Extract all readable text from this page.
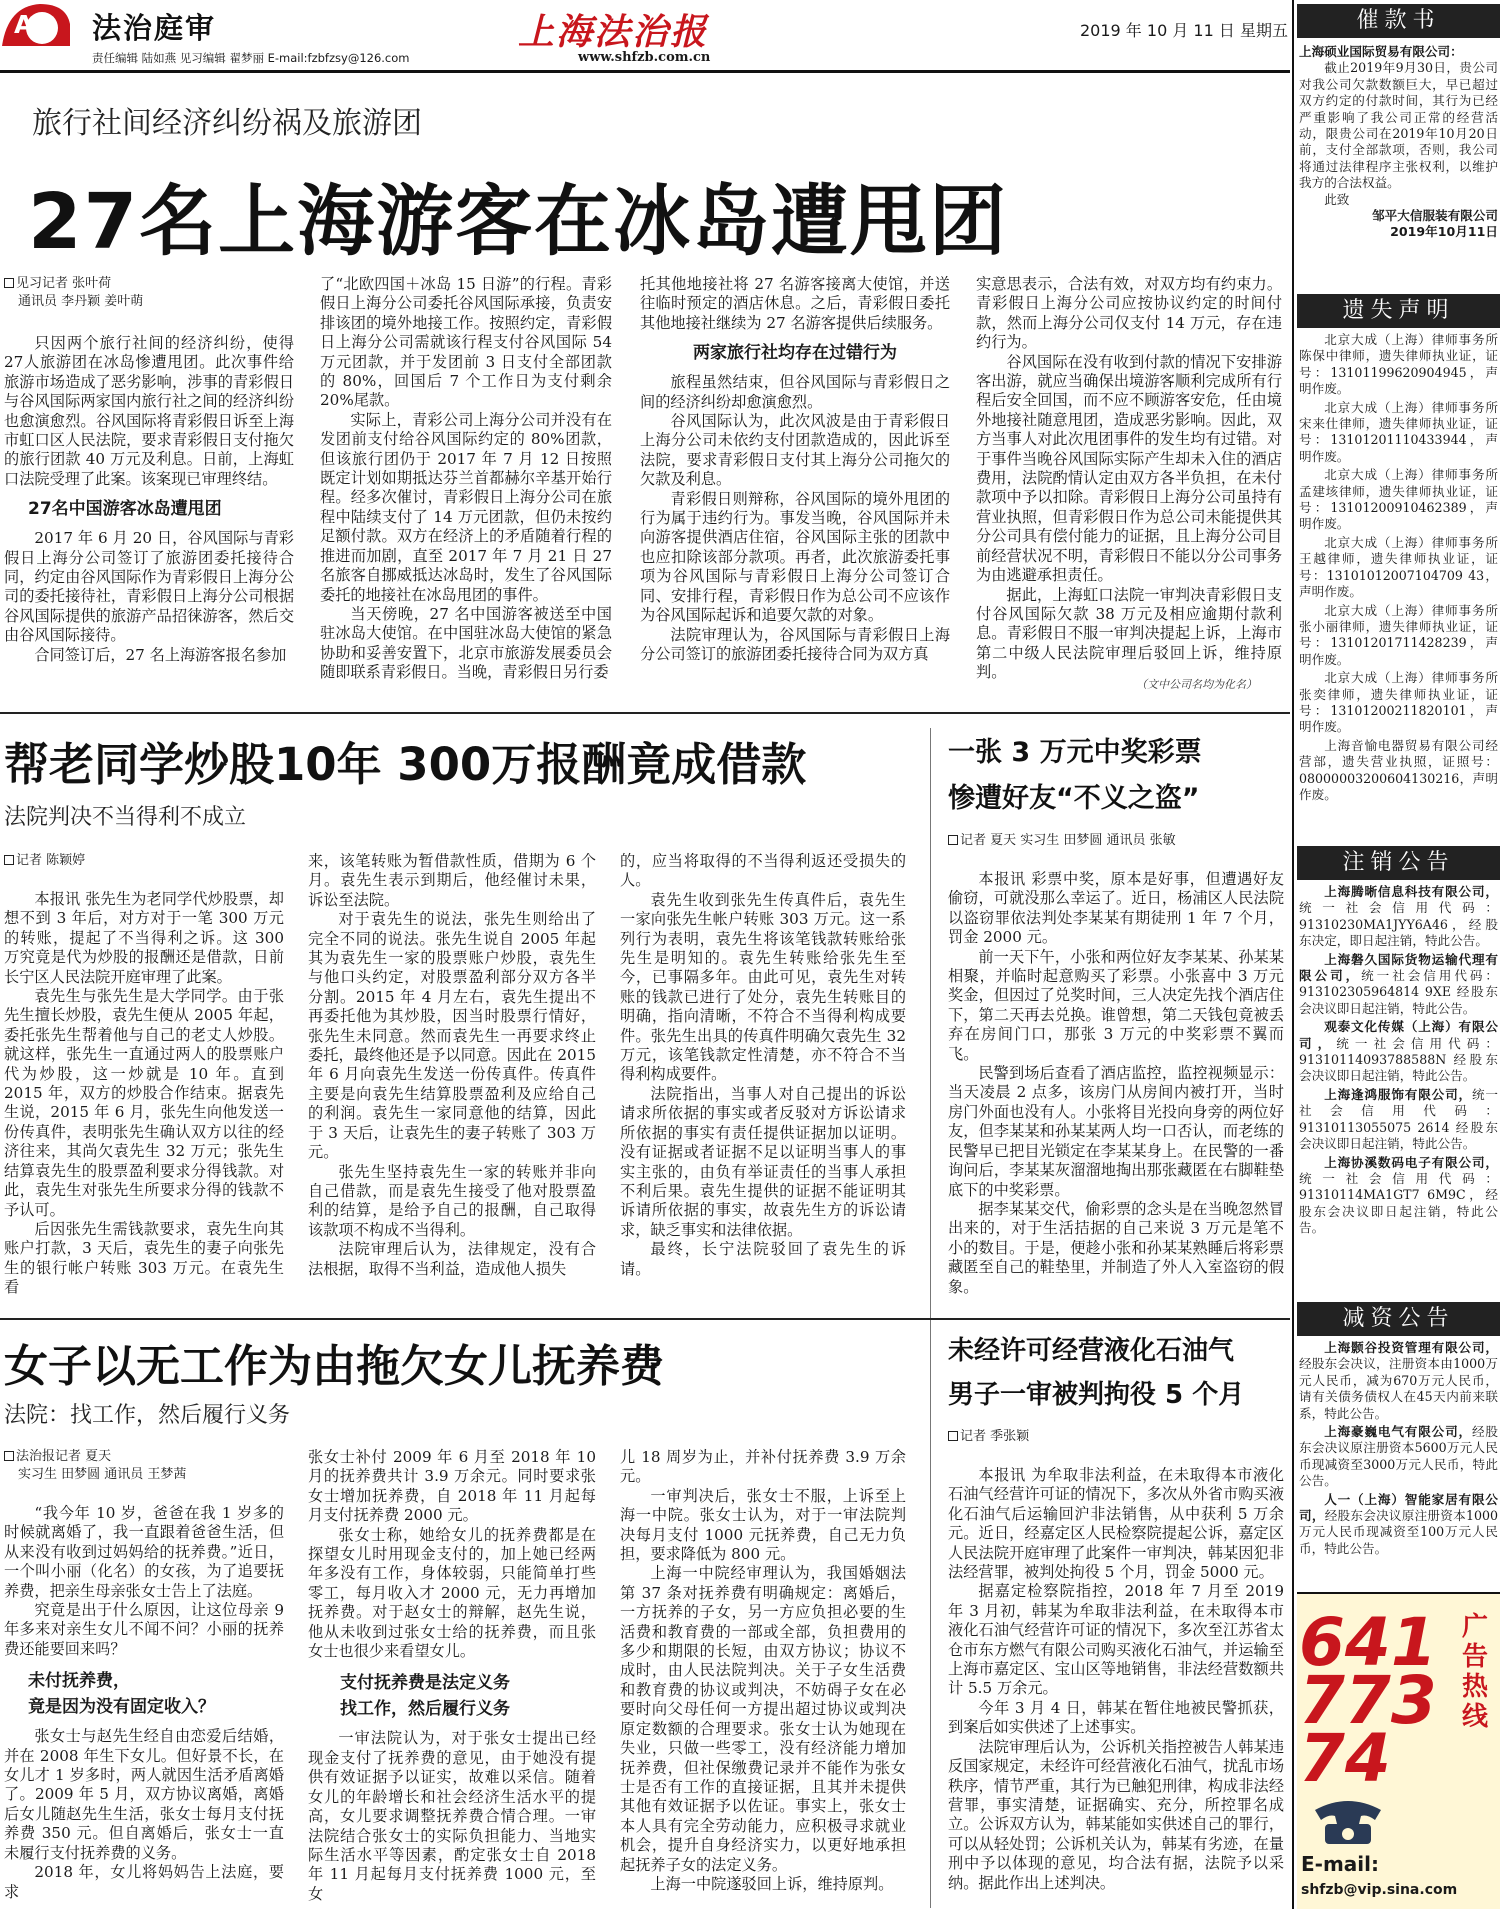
A8 法治庭审
责任编辑 陆如燕 见习编辑 翟梦丽 E-mail:fzbfzsy@126.com
上海法治报
www.shfzb.com.cn
2019 年 10 月 11 日 星期五
旅行社间经济纠纷祸及旅游团
27名上海游客在冰岛遭甩团
见习记者 张叶荷
通讯员 李丹颖 姜叶萌

只因两个旅行社间的经济纠纷，使得27人旅游团在冰岛惨遭甩团。此次事件给旅游市场造成了恶劣影响，涉事的青彩假日与谷风国际两家国内旅行社之间的经济纠纷也愈演愈烈。谷风国际将青彩假日诉至上海市虹口区人民法院，要求青彩假日支付拖欠的旅行团款 40 万元及利息。日前，上海虹口法院受理了此案。该案现已审理终结。

27名中国游客冰岛遭甩团

2017 年 6 月 20 日，谷风国际与青彩假日上海分公司签订了旅游团委托接待合同，约定由谷风国际作为青彩假日上海分公司的委托接待社，青彩假日上海分公司根据谷风国际提供的旅游产品招徕游客，然后交由谷风国际接待。

合同签订后，27 名上海游客报名参加

了“北欧四国＋冰岛 15 日游”的行程。青彩假日上海分公司委托谷风国际承接，负责安排该团的境外地接工作。按照约定，青彩假日上海分公司需就该行程支付谷风国际 54 万元团款，并于发团前 3 日支付全部团款的 80%，回国后 7 个工作日为支付剩余 20%尾款。

实际上，青彩公司上海分公司并没有在发团前支付给谷风国际约定的 80%团款，但该旅行团仍于 2017 年 7 月 12 日按照既定计划如期抵达芬兰首都赫尔辛基开始行程。经多次催讨，青彩假日上海分公司在旅程中陆续支付了 14 万元团款，但仍未按约足额付款。双方在经济上的矛盾随着行程的推进而加剧，直至 2017 年 7 月 21 日 27 名旅客自挪威抵达冰岛时，发生了谷风国际委托的地接社在冰岛甩团的事件。

当天傍晚，27 名中国游客被送至中国驻冰岛大使馆。在中国驻冰岛大使馆的紧急协助和妥善安置下，北京市旅游发展委员会随即联系青彩假日。当晚，青彩假日另行委

托其他地接社将 27 名游客接离大使馆，并送往临时预定的酒店休息。之后，青彩假日委托其他地接社继续为 27 名游客提供后续服务。

两家旅行社均存在过错行为

旅程虽然结束，但谷风国际与青彩假日之间的经济纠纷却愈演愈烈。

谷风国际认为，此次风波是由于青彩假日上海分公司未依约支付团款造成的，因此诉至法院，要求青彩假日支付其上海分公司拖欠的欠款及利息。

青彩假日则辩称，谷风国际的境外甩团的行为属于违约行为。事发当晚，谷风国际并未向游客提供酒店住宿，谷风国际主张的团款中也应扣除该部分款项。再者，此次旅游委托事项为谷风国际与青彩假日上海分公司签订合同、安排行程，青彩假日作为总公司不应该作为谷风国际起诉和追要欠款的对象。

法院审理认为，谷风国际与青彩假日上海分公司签订的旅游团委托接待合同为双方真

实意思表示，合法有效，对双方均有约束力。青彩假日上海分公司应按协议约定的时间付款，然而上海分公司仅支付 14 万元，存在违约行为。

谷风国际在没有收到付款的情况下安排游客出游，就应当确保出境游客顺利完成所有行程后安全回国，而不应不顾游客安危，任由境外地接社随意甩团，造成恶劣影响。因此，双方当事人对此次甩团事件的发生均有过错。对于事件当晚谷风国际实际产生却未入住的酒店费用，法院酌情认定由双方各半负担，在未付款项中予以扣除。青彩假日上海分公司虽持有营业执照，但青彩假日作为总公司未能提供其分公司具有偿付能力的证据，且上海分公司目前经营状况不明，青彩假日不能以分公司事务为由逃避承担责任。

据此，上海虹口法院一审判决青彩假日支付谷风国际欠款 38 万元及相应逾期付款利息。青彩假日不服一审判决提起上诉，上海市第二中级人民法院审理后驳回上诉，维持原判。

（文中公司名均为化名）
帮老同学炒股10年 300万报酬竟成借款
法院判决不当得利不成立
记者 陈颖婷

本报讯 张先生为老同学代炒股票，却想不到 3 年后，对方对于一笔 300 万元的转账，提起了不当得利之诉。这 300 万究竟是代为炒股的报酬还是借款，日前长宁区人民法院开庭审理了此案。

袁先生与张先生是大学同学。由于张先生擅长炒股，袁先生便从 2005 年起，委托张先生帮着他与自己的老丈人炒股。就这样，张先生一直通过两人的股票账户代为炒股，这一炒就是 10 年。直到 2015 年，双方的炒股合作结束。据袁先生说，2015 年 6 月，张先生向他发送一份传真件，表明张先生确认双方以往的经济往来，其尚欠袁先生 32 万元；张先生结算袁先生的股票盈利要求分得钱款。对此，袁先生对张先生所要求分得的钱款不予认可。

后因张先生需钱款要求，袁先生向其账户打款，3 天后，袁先生的妻子向张先生的银行帐户转账 303 万元。在袁先生看

来，该笔转账为暂借款性质，借期为 6 个月。袁先生表示到期后，他经催讨未果，诉讼至法院。

对于袁先生的说法，张先生则给出了完全不同的说法。张先生说自 2005 年起其为袁先生一家的股票账户炒股，袁先生与他口头约定，对股票盈利部分双方各半分割。2015 年 4 月左右，袁先生提出不再委托他为其炒股，因当时股票行情好，张先生未同意。然而袁先生一再要求终止委托，最终他还是予以同意。因此在 2015 年 6 月向袁先生发送一份传真件。传真件主要是向袁先生结算股票盈利及应给自己的利润。袁先生一家同意他的结算，因此于 3 天后，让袁先生的妻子转账了 303 万元。

张先生坚持袁先生一家的转账并非向自己借款，而是袁先生接受了他对股票盈利的结算，是给予自己的报酬，自己取得该款项不构成不当得利。

法院审理后认为，法律规定，没有合法根据，取得不当利益，造成他人损失

的，应当将取得的不当得利返还受损失的人。

袁先生收到张先生传真件后，袁先生一家向张先生帐户转账 303 万元。这一系列行为表明，袁先生将该笔钱款转账给张先生是明知的。袁先生转账给张先生至今，已事隔多年。由此可见，袁先生对转账的钱款已进行了处分，袁先生转账目的明确，指向清晰，不符合不当得利构成要件。张先生出具的传真件明确欠袁先生 32 万元，该笔钱款定性清楚，亦不符合不当得利构成要件。

法院指出，当事人对自己提出的诉讼请求所依据的事实或者反驳对方诉讼请求所依据的事实有责任提供证据加以证明。没有证据或者证据不足以证明当事人的事实主张的，由负有举证责任的当事人承担不利后果。袁先生提供的证据不能证明其诉请所依据的事实，故袁先生方的诉讼请求，缺乏事实和法律依据。

最终，长宁法院驳回了袁先生的诉请。

一张 3 万元中奖彩票
惨遭好友“不义之盗”
记者 夏天 实习生 田梦圆 通讯员 张敏

本报讯 彩票中奖，原本是好事，但遭遇好友偷窃，可就没那么幸运了。近日，杨浦区人民法院以盗窃罪依法判处李某某有期徒刑 1 年 7 个月，罚金 2000 元。

前一天下午，小张和两位好友李某某、孙某某相聚，并临时起意购买了彩票。小张喜中 3 万元奖金，但因过了兑奖时间，三人决定先找个酒店住下，第二天再去兑换。谁曾想，第二天钱包竟被丢弃在房间门口，那张 3 万元的中奖彩票不翼而飞。

民警到场后查看了酒店监控，监控视频显示：当天凌晨 2 点多，该房门从房间内被打开，当时房门外面也没有人。小张将目光投向身旁的两位好友，但李某某和孙某某两人均一口否认，而老练的民警早已把目光锁定在李某某身上。在民警的一番询问后，李某某灰溜溜地掏出那张藏匿在右脚鞋垫底下的中奖彩票。

据李某某交代，偷彩票的念头是在当晚忽然冒出来的，对于生活拮据的自己来说 3 万元是笔不小的数目。于是，便趁小张和孙某某熟睡后将彩票藏匿至自己的鞋垫里，并制造了外人入室盗窃的假象。

女子以无工作为由拖欠女儿抚养费
法院：找工作，然后履行义务
法治报记者 夏天
实习生 田梦圆 通讯员 王梦茜

“我今年 10 岁，爸爸在我 1 岁多的时候就离婚了，我一直跟着爸爸生活，但从来没有收到过妈妈给的抚养费。”近日，一个叫小丽（化名）的女孩，为了追要抚养费，把亲生母亲张女士告上了法庭。

究竟是出于什么原因，让这位母亲 9 年多来对亲生女儿不闻不问？小丽的抚养费还能要回来吗？

未付抚养费，
竟是因为没有固定收入？

张女士与赵先生经自由恋爱后结婚，并在 2008 年生下女儿。但好景不长，在女儿才 1 岁多时，两人就因生活矛盾离婚了。2009 年 5 月，双方协议离婚，离婚后女儿随赵先生生活，张女士每月支付抚养费 350 元。但自离婚后，张女士一直未履行支付抚养费的义务。

2018 年，女儿将妈妈告上法庭，要求

张女士补付 2009 年 6 月至 2018 年 10 月的抚养费共计 3.9 万余元。同时要求张女士增加抚养费，自 2018 年 11 月起每月支付抚养费 2000 元。

张女士称，她给女儿的抚养费都是在探望女儿时用现金支付的，加上她已经两年多没有工作，身体较弱，只能简单打些零工，每月收入才 2000 元，无力再增加抚养费。对于赵女士的辩解，赵先生说，他从未收到过张女士给的抚养费，而且张女士也很少来看望女儿。

支付抚养费是法定义务
找工作，然后履行义务

一审法院认为，对于张女士提出已经现金支付了抚养费的意见，由于她没有提供有效证据予以证实，故难以采信。随着女儿的年龄增长和社会经济生活水平的提高，女儿要求调整抚养费合情合理。一审法院结合张女士的实际负担能力、当地实际生活水平等因素，酌定张女士自 2018 年 11 月起每月支付抚养费 1000 元，至女

儿 18 周岁为止，并补付抚养费 3.9 万余元。

一审判决后，张女士不服，上诉至上海一中院。张女士认为，对于一审法院判决每月支付 1000 元抚养费，自己无力负担，要求降低为 800 元。

上海一中院经审理认为，我国婚姻法第 37 条对抚养费有明确规定：离婚后，一方抚养的子女，另一方应负担必要的生活费和教育费的一部或全部，负担费用的多少和期限的长短，由双方协议；协议不成时，由人民法院判决。关于子女生活费和教育费的协议或判决，不妨碍子女在必要时向父母任何一方提出超过协议或判决原定数额的合理要求。张女士认为她现在失业，只做一些零工，没有经济能力增加抚养费，但社保缴费记录并不能作为张女士是否有工作的直接证据，且其并未提供其他有效证据予以佐证。事实上，张女士本人具有完全劳动能力，应积极寻求就业机会，提升自身经济实力，以更好地承担起抚养子女的法定义务。

上海一中院遂驳回上诉，维持原判。

未经许可经营液化石油气
男子一审被判拘役 5 个月
记者 季张颖

本报讯 为牟取非法利益，在未取得本市液化石油气经营许可证的情况下，多次从外省市购买液化石油气后运输回沪非法销售，从中获利 5 万余元。近日，经嘉定区人民检察院提起公诉，嘉定区人民法院开庭审理了此案件一审判决，韩某因犯非法经营罪，被判处拘役 5 个月，罚金 5000 元。

据嘉定检察院指控，2018 年 7 月至 2019 年 3 月初，韩某为牟取非法利益，在未取得本市液化石油气经营许可证的情况下，多次至江苏省太仓市东方燃气有限公司购买液化石油气，并运输至上海市嘉定区、宝山区等地销售，非法经营数额共计 5.5 万余元。

今年 3 月 4 日，韩某在暂住地被民警抓获，到案后如实供述了上述事实。

法院审理后认为，公诉机关指控被告人韩某违反国家规定，未经许可经营液化石油气，扰乱市场秩序，情节严重，其行为已触犯刑律，构成非法经营罪，事实清楚，证据确实、充分，所控罪名成立。公诉双方认为，韩某能如实供述自己的罪行，可以从轻处罚；公诉机关认为，韩某有劣迹，在量刑中予以体现的意见，均合法有据，法院予以采纳。据此作出上述判决。

催款书
上海硕业国际贸易有限公司：
截止2019年9月30日，贵公司对我公司欠款数额巨大，早已超过双方约定的付款时间，其行为已经严重影响了我公司正常的经营活动，限贵公司在2019年10月20日前，支付全部款项，否则，我公司将通过法律程序主张权利，以维护我方的合法权益。
此致
邹平大信服装有限公司
2019年10月11日
遗失声明
北京大成（上海）律师事务所陈保中律师，遗失律师执业证，证号：13101199620904945，声明作废。
北京大成（上海）律师事务所宋来仕律师，遗失律师执业证，证号：13101201110433944，声明作废。
北京大成（上海）律师事务所孟建垓律师，遗失律师执业证，证号：13101200910462389，声明作废。
北京大成（上海）律师事务所王越律师，遗失律师执业证，证号：13101012007104709 43，声明作废。
北京大成（上海）律师事务所张小丽律师，遗失律师执业证，证号：13101201711428239，声明作废。
北京大成（上海）律师事务所张奕律师，遗失律师执业证，证号：13101200211820101，声明作废。
上海音愉电器贸易有限公司经营部，遗失营业执照，证照号：08000003200604130216，声明作废。
注销公告
上海腾晰信息科技有限公司，统一社会信用代码：91310230MA1JYY6A46，经股东决定，即日起注销，特此公告。
上海磐久国际货物运输代理有限公司，统一社会信用代码：913102305964814 9XE 经股东会决议即日起注销，特此公告。
观泰文化传媒（上海）有限公司，统一社会信用代码：91310114093788588N 经股东会决议即日起注销，特此公告。
上海逢鸿服饰有限公司，统一社会信用代码：91310113055075 2614 经股东会决议即日起注销，特此公告。
上海协溪数码电子有限公司，统一社会信用代码：91310114MA1GT7 6M9C，经股东会决议即日起注销，特此公告。
减资公告
上海颢谷投资管理有限公司，经股东会决议，注册资本由1000万元人民币，减为670万元人民币，请有关债务债权人在45天内前来联系，特此公告。
上海豪巍电气有限公司，经股东会决议原注册资本5600万元人民币现减资至3000万元人民币，特此公告。
人一（上海）智能家居有限公司，经股东会决议原注册资本1000万元人民币现减资至100万元人民币，特此公告。
广告热线
64177374
E-mail:
shfzb@vip.sina.com
